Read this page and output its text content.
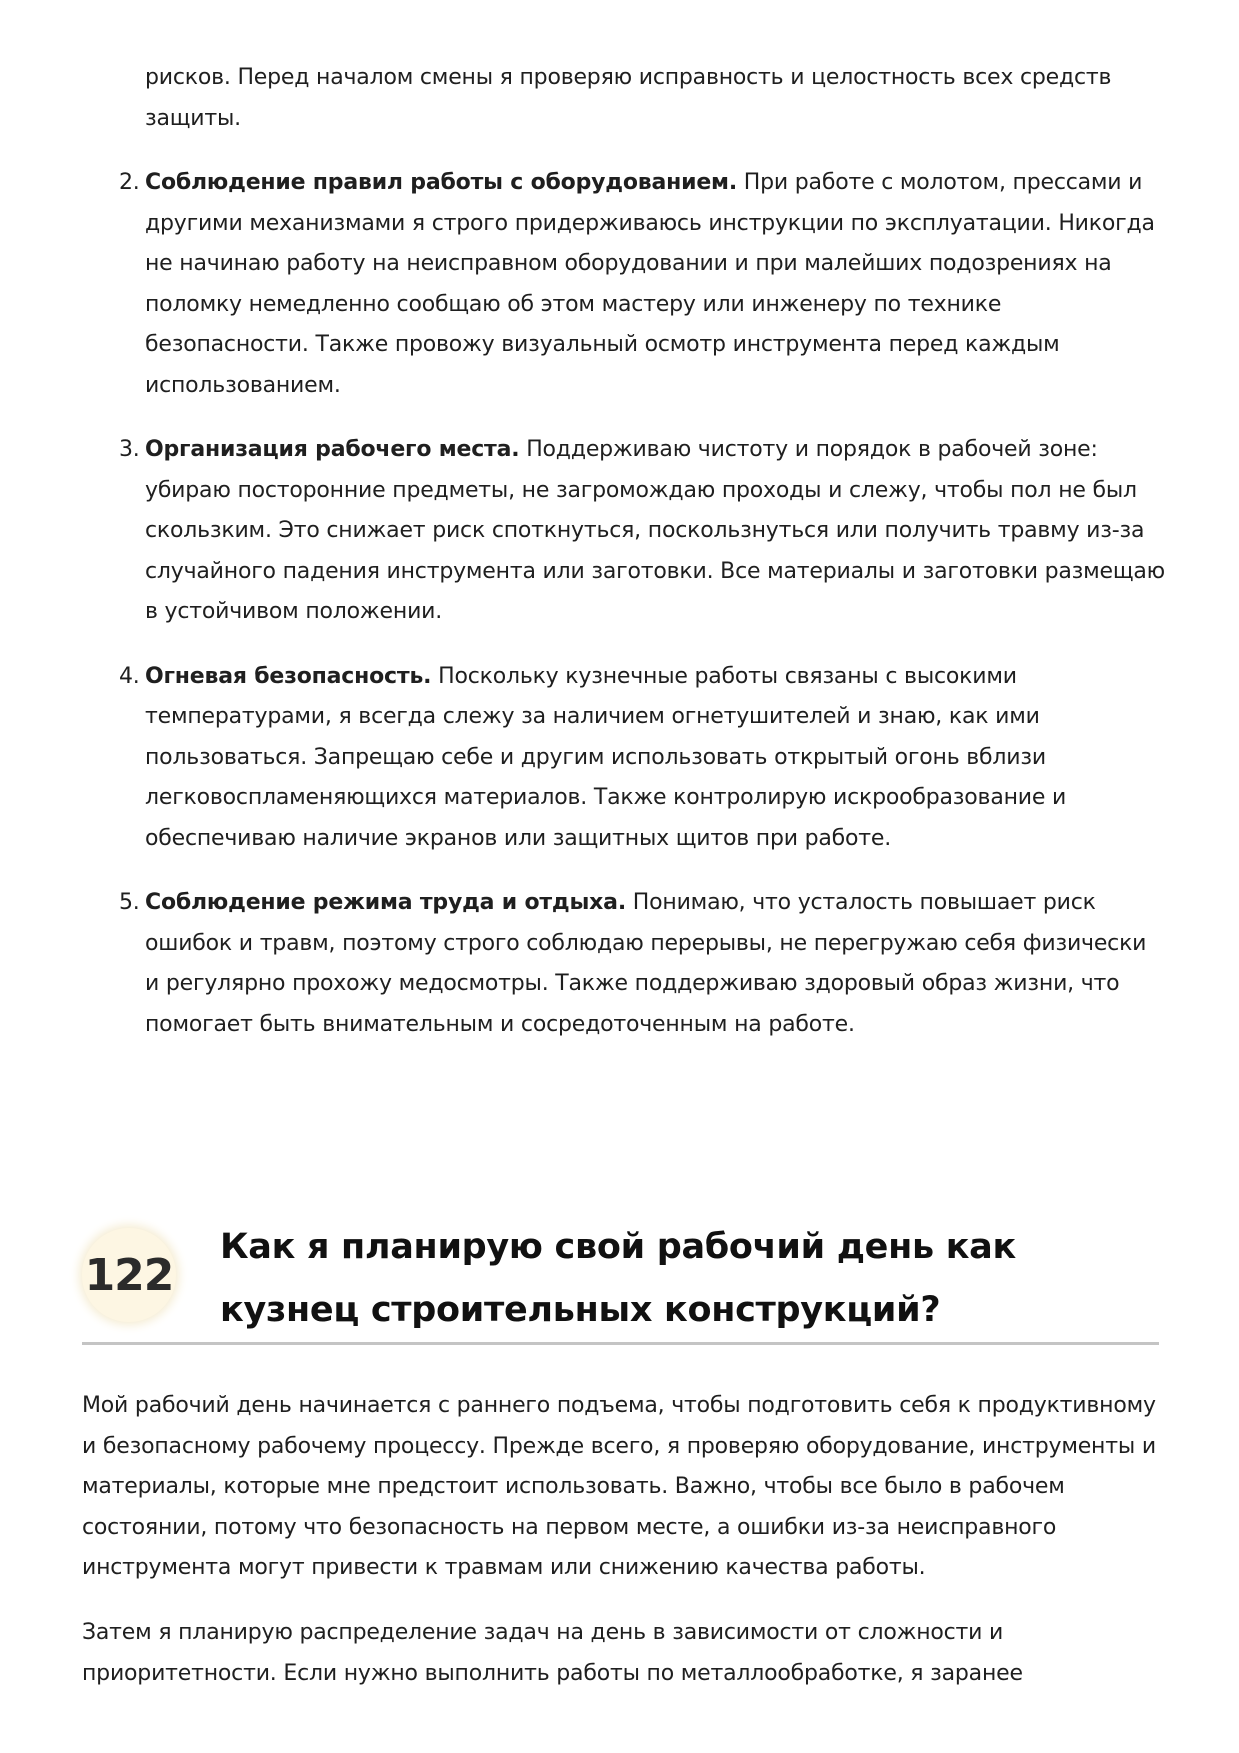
рисков. Перед началом смены я проверяю исправность и целостность всех средств защиты.
2. Соблюдение правил работы с оборудованием. При работе с молотом, прессами и другими механизмами я строго придерживаюсь инструкции по эксплуатации. Никогда не начинаю работу на неисправном оборудовании и при малейших подозрениях на поломку немедленно сообщаю об этом мастеру или инженеру по технике безопасности. Также провожу визуальный осмотр инструмента перед каждым использованием.
3. Организация рабочего места. Поддерживаю чистоту и порядок в рабочей зоне: убираю посторонние предметы, не загромождаю проходы и слежу, чтобы пол не был скользким. Это снижает риск споткнуться, поскользнуться или получить травму из-за случайного падения инструмента или заготовки. Все материалы и заготовки размещаю в устойчивом положении.
4. Огневая безопасность. Поскольку кузнечные работы связаны с высокими температурами, я всегда слежу за наличием огнетушителей и знаю, как ими пользоваться. Запрещаю себе и другим использовать открытый огонь вблизи легковоспламеняющихся материалов. Также контролирую искрообразование и обеспечиваю наличие экранов или защитных щитов при работе.
5. Соблюдение режима труда и отдыха. Понимаю, что усталость повышает риск ошибок и травм, поэтому строго соблюдаю перерывы, не перегружаю себя физически и регулярно прохожу медосмотры. Также поддерживаю здоровый образ жизни, что помогает быть внимательным и сосредоточенным на работе.
122
Как я планирую свой рабочий день как кузнец строительных конструкций?

Мой рабочий день начинается с раннего подъема, чтобы подготовить себя к продуктивному и безопасному рабочему процессу. Прежде всего, я проверяю оборудование, инструменты и материалы, которые мне предстоит использовать. Важно, чтобы все было в рабочем состоянии, потому что безопасность на первом месте, а ошибки из-за неисправного инструмента могут привести к травмам или снижению качества работы.

Затем я планирую распределение задач на день в зависимости от сложности и приоритетности. Если нужно выполнить работы по металлообработке, я заранее
